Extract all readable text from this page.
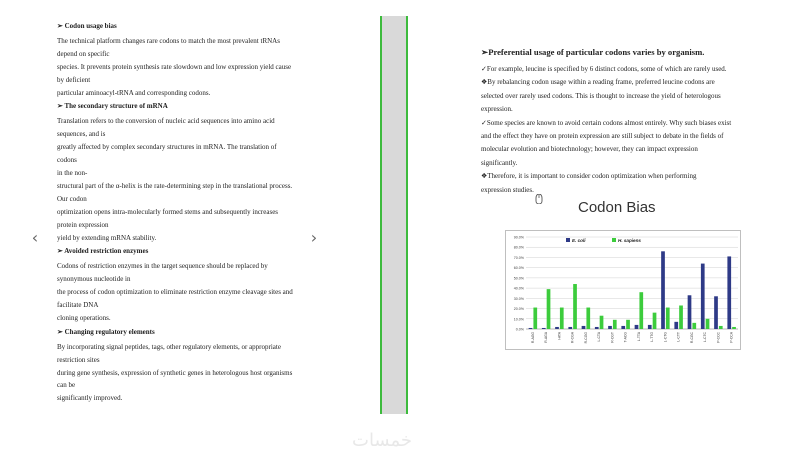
➢ Codon usage bias
The technical platform changes rare codons to match the most prevalent tRNAs
depend on specific
species. It prevents protein synthesis rate slowdown and low expression yield cause
by deficient
particular aminoacyl-tRNA and corresponding codons.
➢ The secondary structure of mRNA
Translation refers to the conversion of nucleic acid sequences into amino acid
sequences, and is
greatly affected by complex secondary structures in mRNA. The translation of codons
in the non-
structural part of the α-helix is the rate-determining step in the translational process.
Our codon
optimization opens intra-molecularly formed stems and subsequently increases
protein expression
yield by extending mRNA stability.
➢ Avoided restriction enzymes
Codons of restriction enzymes in the target sequence should be replaced by
synonymous nucleotide in
the process of codon optimization to eliminate restriction enzyme cleavage sites and
facilitate DNA
cloning operations.
➢ Changing regulatory elements
By incorporating signal peptides, tags, other regulatory elements, or appropriate
restriction sites
during gene synthesis, expression of synthetic genes in heterologous host organisms
can be
significantly improved.
‹	›
➢Preferential usage of particular codons varies by organism.
✓For example, leucine is specified by 6 distinct codons, some of which are rarely used.
❖By rebalancing codon usage within a reading frame, preferred leucine codons are
selected over rarely used codons. This is thought to increase the yield of heterologous
expression.
✓Some species are known to avoid certain codons almost entirely. Why such biases exist
and the effect they have on protein expression are still subject to debate in the fields of
molecular evolution and biotechnology; however, they can impact expression
significantly.
❖Therefore, it is important to consider codon optimization when performing
expression studies.
Codon Bias
0.0%
10.0%
20.0%
30.0%
40.0%
50.0%
60.0%
70.0%
80.0%
90.0%
R-AGG	R-AGA	I-ATA	R-CGA	R-CGG	L-CTA	R-CGT	T-ACG	L-TTA	L-TTG	L-CTG	L-CTT	R-CGC	L-CTC	P-CCC	P-CCA
E. coli	H. sapiens
خمسات
